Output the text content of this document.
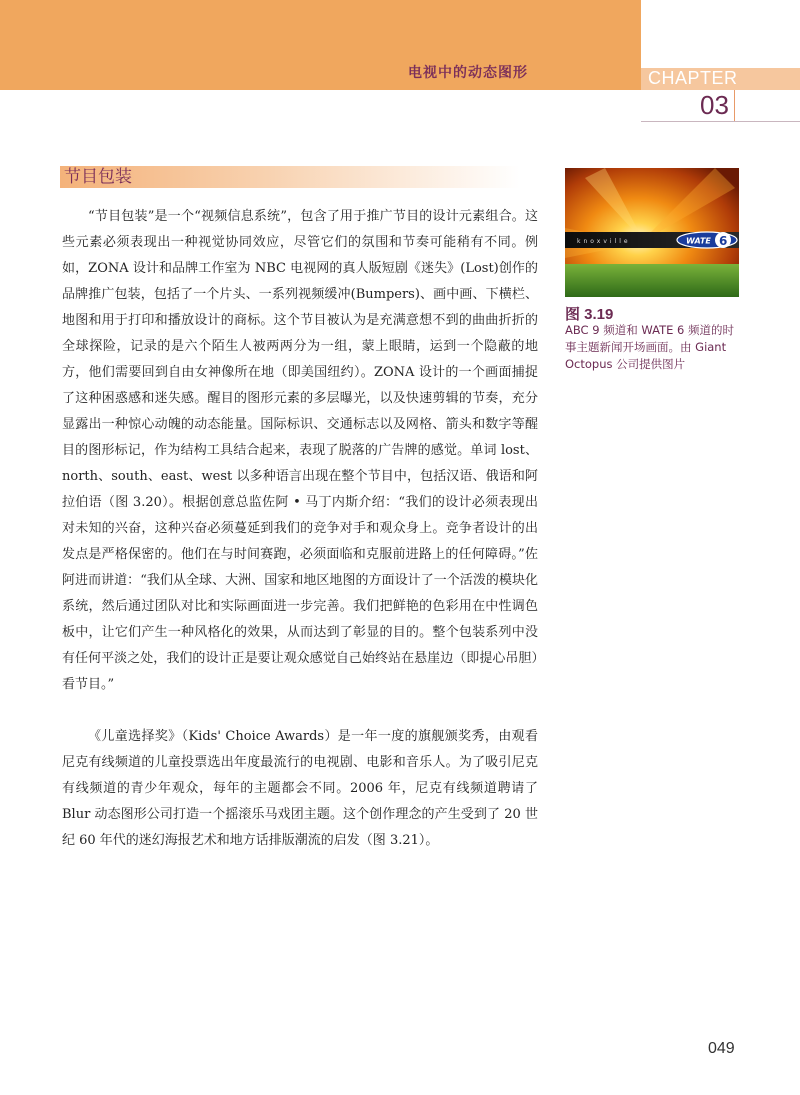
电视中的动态图形	CHAPTER
03
节目包装

“节目包装”是一个“视频信息系统”，包含了用于推广节目的设计元素组合。这些元素必须表现出一种视觉协同效应，尽管它们的氛围和节奏可能稍有不同。例如，ZONA 设计和品牌工作室为 NBC 电视网的真人版短剧《迷失》(Lost)创作的品牌推广包装，包括了一个片头、一系列视频缓冲(Bumpers)、画中画、下横栏、地图和用于打印和播放设计的商标。这个节目被认为是充满意想不到的曲曲折折的全球探险，记录的是六个陌生人被两两分为一组，蒙上眼睛，运到一个隐蔽的地方，他们需要回到自由女神像所在地（即美国纽约）。ZONA 设计的一个画面捕捉了这种困惑感和迷失感。醒目的图形元素的多层曝光，以及快速剪辑的节奏，充分显露出一种惊心动魄的动态能量。国际标识、交通标志以及网格、箭头和数字等醒目的图形标记，作为结构工具结合起来，表现了脱落的广告牌的感觉。单词 lost、north、south、east、west 以多种语言出现在整个节目中，包括汉语、俄语和阿拉伯语（图 3.20）。根据创意总监佐阿 • 马丁内斯介绍：“我们的设计必须表现出对未知的兴奋，这种兴奋必须蔓延到我们的竞争对手和观众身上。竞争者设计的出发点是严格保密的。他们在与时间赛跑，必须面临和克服前进路上的任何障碍。”佐阿进而讲道：“我们从全球、大洲、国家和地区地图的方面设计了一个活泼的模块化系统，然后通过团队对比和实际画面进一步完善。我们把鲜艳的色彩用在中性调色板中，让它们产生一种风格化的效果，从而达到了彰显的目的。整个包装系列中没有任何平淡之处，我们的设计正是要让观众感觉自己始终站在悬崖边（即提心吊胆）看节目。”

《儿童选择奖》（Kids' Choice Awards）是一年一度的旗舰颁奖秀，由观看尼克有线频道的儿童投票选出年度最流行的电视剧、电影和音乐人。为了吸引尼克有线频道的青少年观众，每年的主题都会不同。2006 年，尼克有线频道聘请了 Blur 动态图形公司打造一个摇滚乐马戏团主题。这个创作理念的产生受到了 20 世纪 60 年代的迷幻海报艺术和地方话排版潮流的启发（图 3.21）。

knoxville	WATE 6
图 3.19
ABC 9 频道和 WATE 6 频道的时事主题新闻开场画面。由 Giant Octopus 公司提供图片
049
